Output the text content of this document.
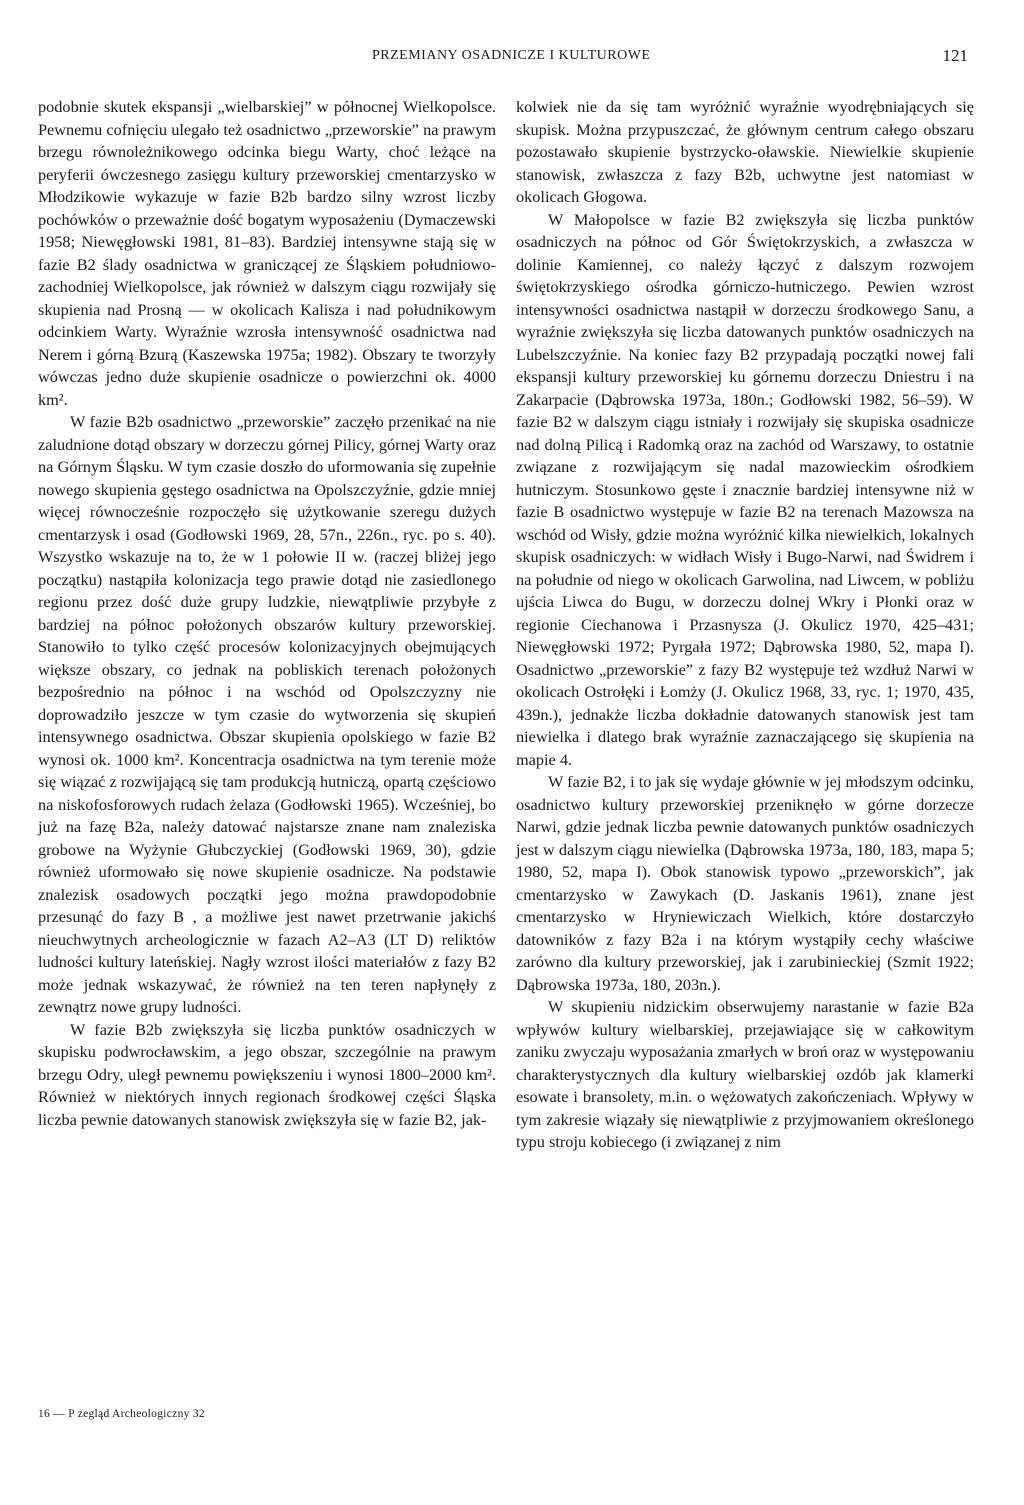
PRZEMIANY OSADNICZE I KULTUROWE	121

podobnie skutek ekspansji „wielbarskiej” w północnej Wielkopolsce. Pewnemu cofnięciu ulegało też osadnictwo „przeworskie” na prawym brzegu równoleżnikowego odcinka biegu Warty, choć leżące na peryferii ówczesnego zasięgu kultury przeworskiej cmentarzysko w Młodzikowie wykazuje w fazie B2b bardzo silny wzrost liczby pochówków o przeważnie dość bogatym wyposażeniu (Dymaczewski 1958; Niewęgłowski 1981, 81–83). Bardziej intensywne stają się w fazie B2 ślady osadnictwa w graniczącej ze Śląskiem południowo-zachodniej Wielkopolsce, jak również w dalszym ciągu rozwijały się skupienia nad Prosną — w okolicach Kalisza i nad południkowym odcinkiem Warty. Wyraźnie wzrosła intensywność osadnictwa nad Nerem i górną Bzurą (Kaszewska 1975a; 1982). Obszary te tworzyły wówczas jedno duże skupienie osadnicze o powierzchni ok. 4000 km².

W fazie B2b osadnictwo „przeworskie” zaczęło przenikać na nie zaludnione dotąd obszary w dorzeczu górnej Pilicy, górnej Warty oraz na Górnym Śląsku. W tym czasie doszło do uformowania się zupełnie nowego skupienia gęstego osadnictwa na Opolszczyźnie, gdzie mniej więcej równocześnie rozpoczęło się użytkowanie szeregu dużych cmentarzysk i osad (Godłowski 1969, 28, 57n., 226n., ryc. po s. 40). Wszystko wskazuje na to, że w 1 połowie II w. (raczej bliżej jego początku) nastąpiła kolonizacja tego prawie dotąd nie zasiedlonego regionu przez dość duże grupy ludzkie, niewątpliwie przybyłe z bardziej na północ położonych obszarów kultury przeworskiej. Stanowiło to tylko część procesów kolonizacyjnych obejmujących większe obszary, co jednak na pobliskich terenach położonych bezpośrednio na północ i na wschód od Opolszczyzny nie doprowadziło jeszcze w tym czasie do wytworzenia się skupień intensywnego osadnictwa. Obszar skupienia opolskiego w fazie B2 wynosi ok. 1000 km². Koncentracja osadnictwa na tym terenie może się wiązać z rozwijającą się tam produkcją hutniczą, opartą częściowo na niskofosforowych rudach żelaza (Godłowski 1965). Wcześniej, bo już na fazę B2a, należy datować najstarsze znane nam znaleziska grobowe na Wyżynie Głubczyckiej (Godłowski 1969, 30), gdzie również uformowało się nowe skupienie osadnicze. Na podstawie znalezisk osadowych początki jego można prawdopodobnie przesunąć do fazy B , a możliwe jest nawet przetrwanie jakichś nieuchwytnych archeologicznie w fazach A2–A3 (LT D) reliktów ludności kultury lateńskiej. Nagły wzrost ilości materiałów z fazy B2 może jednak wskazywać, że również na ten teren napłynęły z zewnątrz nowe grupy ludności.

W fazie B2b zwiększyła się liczba punktów osadniczych w skupisku podwrocławskim, a jego obszar, szczególnie na prawym brzegu Odry, uległ pewnemu powiększeniu i wynosi 1800–2000 km². Również w niektórych innych regionach środkowej części Śląska liczba pewnie datowanych stanowisk zwiększyła się w fazie B2, jak-

kolwiek nie da się tam wyróżnić wyraźnie wyodrębniających się skupisk. Można przypuszczać, że głównym centrum całego obszaru pozostawało skupienie bystrzycko-oławskie. Niewielkie skupienie stanowisk, zwłaszcza z fazy B2b, uchwytne jest natomiast w okolicach Głogowa.

W Małopolsce w fazie B2 zwiększyła się liczba punktów osadniczych na północ od Gór Świętokrzyskich, a zwłaszcza w dolinie Kamiennej, co należy łączyć z dalszym rozwojem świętokrzyskiego ośrodka górniczo-hutniczego. Pewien wzrost intensywności osadnictwa nastąpił w dorzeczu środkowego Sanu, a wyraźnie zwiększyła się liczba datowanych punktów osadniczych na Lubelszczyźnie. Na koniec fazy B2 przypadają początki nowej fali ekspansji kultury przeworskiej ku górnemu dorzeczu Dniestru i na Zakarpacie (Dąbrowska 1973a, 180n.; Godłowski 1982, 56–59). W fazie B2 w dalszym ciągu istniały i rozwijały się skupiska osadnicze nad dolną Pilicą i Radomką oraz na zachód od Warszawy, to ostatnie związane z rozwijającym się nadal mazowieckim ośrodkiem hutniczym. Stosunkowo gęste i znacznie bardziej intensywne niż w fazie B osadnictwo występuje w fazie B2 na terenach Mazowsza na wschód od Wisły, gdzie można wyróżnić kilka niewielkich, lokalnych skupisk osadniczych: w widłach Wisły i Bugo-Narwi, nad Świdrem i na południe od niego w okolicach Garwolina, nad Liwcem, w pobliżu ujścia Liwca do Bugu, w dorzeczu dolnej Wkry i Płonki oraz w regionie Ciechanowa i Przasnysza (J. Okulicz 1970, 425–431; Niewęgłowski 1972; Pyrgała 1972; Dąbrowska 1980, 52, mapa I). Osadnictwo „przeworskie” z fazy B2 występuje też wzdłuż Narwi w okolicach Ostrołęki i Łomży (J. Okulicz 1968, 33, ryc. 1; 1970, 435, 439n.), jednakże liczba dokładnie datowanych stanowisk jest tam niewielka i dlatego brak wyraźnie zaznaczającego się skupienia na mapie 4.

W fazie B2, i to jak się wydaje głównie w jej młodszym odcinku, osadnictwo kultury przeworskiej przeniknęło w górne dorzecze Narwi, gdzie jednak liczba pewnie datowanych punktów osadniczych jest w dalszym ciągu niewielka (Dąbrowska 1973a, 180, 183, mapa 5; 1980, 52, mapa I). Obok stanowisk typowo „przeworskich”, jak cmentarzysko w Zawykach (D. Jaskanis 1961), znane jest cmentarzysko w Hryniewiczach Wielkich, które dostarczyło datowników z fazy B2a i na którym wystąpiły cechy właściwe zarówno dla kultury przeworskiej, jak i zarubinieckiej (Szmit 1922; Dąbrowska 1973a, 180, 203n.).

W skupieniu nidzickim obserwujemy narastanie w fazie B2a wpływów kultury wielbarskiej, przejawiające się w całkowitym zaniku zwyczaju wyposażania zmarłych w broń oraz w występowaniu charakterystycznych dla kultury wielbarskiej ozdób jak klamerki esowate i bransolety, m.in. o wężowatych zakończeniach. Wpływy w tym zakresie wiązały się niewątpliwie z przyjmowaniem określonego typu stroju kobiecego (i związanej z nim

16 — P zegląd Archeologiczny 32
